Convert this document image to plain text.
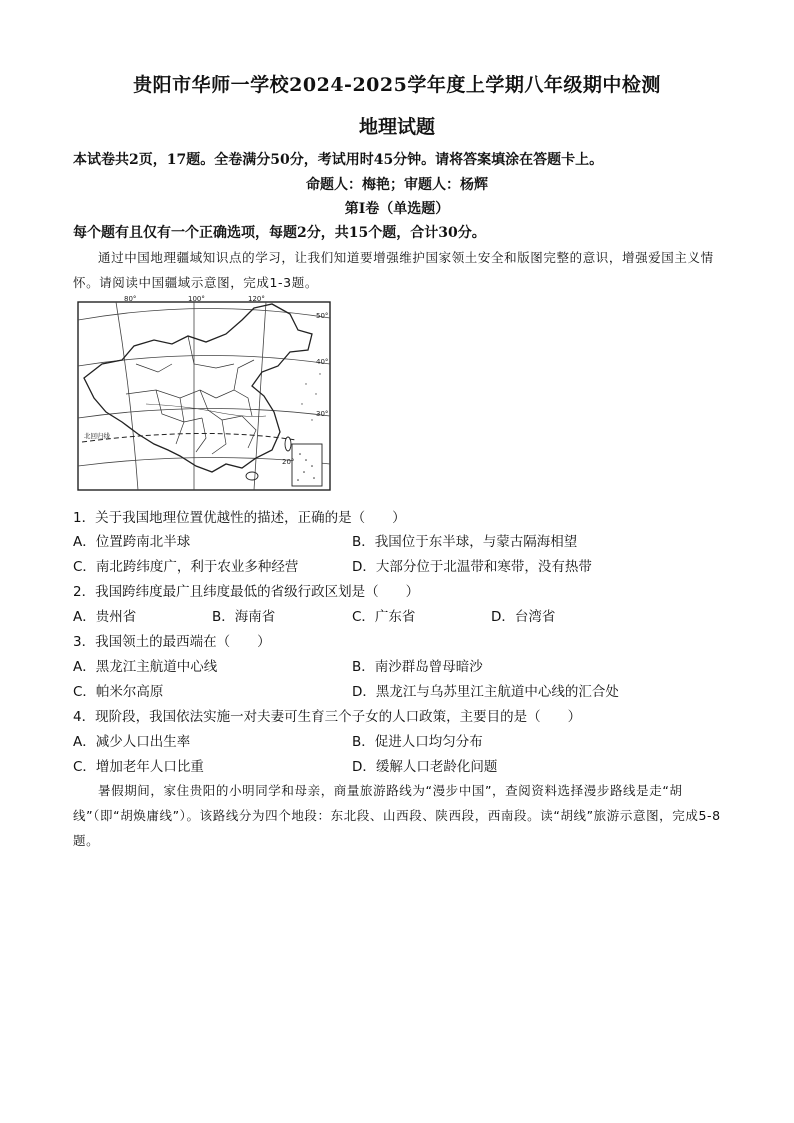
贵阳市华师一学校2024-2025学年度上学期八年级期中检测
地理试题
本试卷共2页，17题。全卷满分50分，考试用时45分钟。请将答案填涂在答题卡上。
命题人：梅艳；审题人：杨辉
第Ⅰ卷（单选题）
每个题有且仅有一个正确选项，每题2分，共15个题，合计30分。
通过中国地理疆域知识点的学习，让我们知道要增强维护国家领土安全和版图完整的意识，增强爱国主义情怀。请阅读中国疆域示意图，完成1-3题。
80°	100°	120°
50°
40°
30°
20°
北回归线
1．关于我国地理位置优越性的描述，正确的是（　　）
A．位置跨南北半球	B．我国位于东半球，与蒙古隔海相望
C．南北跨纬度广，利于农业多种经营	D．大部分位于北温带和寒带，没有热带
2．我国跨纬度最广且纬度最低的省级行政区划是（　　）
A．贵州省	B．海南省	C．广东省	D．台湾省
3．我国领土的最西端在（　　）
A．黑龙江主航道中心线	B．南沙群岛曾母暗沙
C．帕米尔高原	D．黑龙江与乌苏里江主航道中心线的汇合处
4．现阶段，我国依法实施一对夫妻可生育三个子女的人口政策，主要目的是（　　）
A．减少人口出生率	B．促进人口均匀分布
C．增加老年人口比重	D．缓解人口老龄化问题
暑假期间，家住贵阳的小明同学和母亲，商量旅游路线为“漫步中国”，查阅资料选择漫步路线是走“胡线”（即“胡焕庸线”）。该路线分为四个地段：东北段、山西段、陕西段，西南段。读“胡线”旅游示意图，完成5-8题。
